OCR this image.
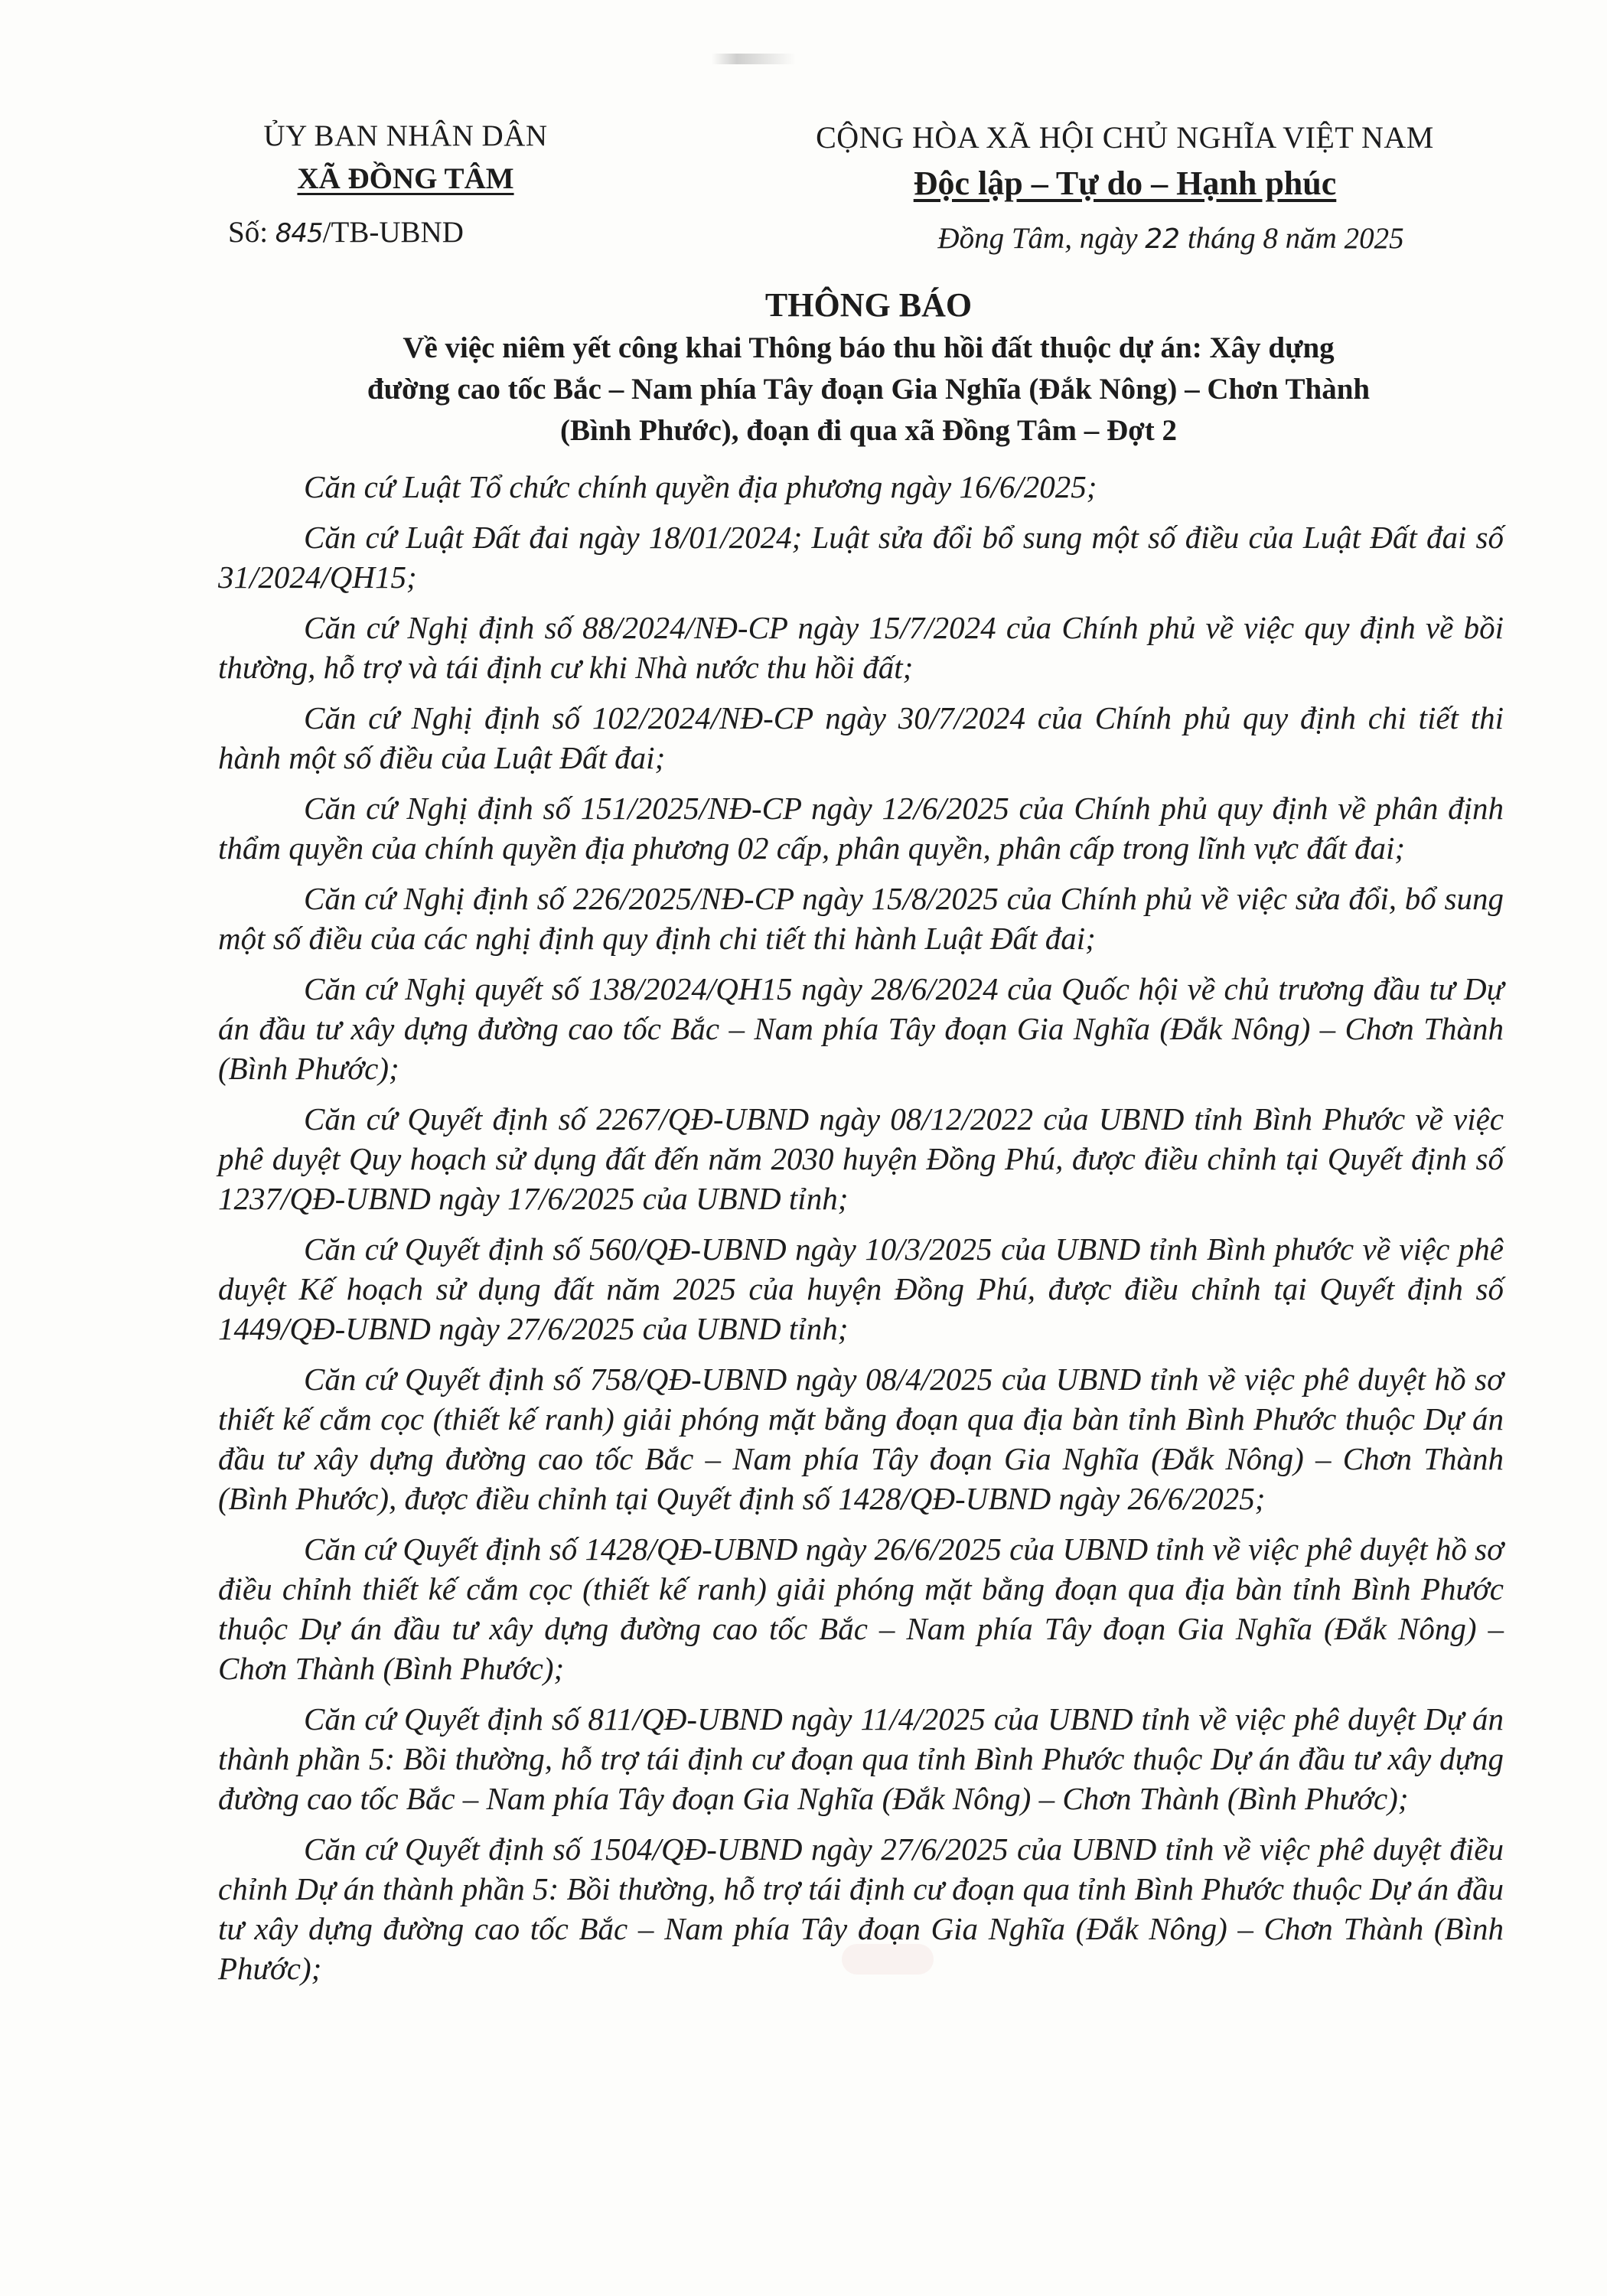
ỦY BAN NHÂN DÂN
XÃ ĐỒNG TÂM
Số: 845/TB-UBND
CỘNG HÒA XÃ HỘI CHỦ NGHĨA VIỆT NAM
Độc lập – Tự do – Hạnh phúc
Đồng Tâm, ngày 22 tháng 8 năm 2025
THÔNG BÁO
Về việc niêm yết công khai Thông báo thu hồi đất thuộc dự án: Xây dựng
đường cao tốc Bắc – Nam phía Tây đoạn Gia Nghĩa (Đắk Nông) – Chơn Thành
(Bình Phước), đoạn đi qua xã Đồng Tâm – Đợt 2

Căn cứ Luật Tổ chức chính quyền địa phương ngày 16/6/2025;

Căn cứ Luật Đất đai ngày 18/01/2024; Luật sửa đổi bổ sung một số điều của Luật Đất đai số 31/2024/QH15;

Căn cứ Nghị định số 88/2024/NĐ-CP ngày 15/7/2024 của Chính phủ về việc quy định về bồi thường, hỗ trợ và tái định cư khi Nhà nước thu hồi đất;

Căn cứ Nghị định số 102/2024/NĐ-CP ngày 30/7/2024 của Chính phủ quy định chi tiết thi hành một số điều của Luật Đất đai;

Căn cứ Nghị định số 151/2025/NĐ-CP ngày 12/6/2025 của Chính phủ quy định về phân định thẩm quyền của chính quyền địa phương 02 cấp, phân quyền, phân cấp trong lĩnh vực đất đai;

Căn cứ Nghị định số 226/2025/NĐ-CP ngày 15/8/2025 của Chính phủ về việc sửa đổi, bổ sung một số điều của các nghị định quy định chi tiết thi hành Luật Đất đai;

Căn cứ Nghị quyết số 138/2024/QH15 ngày 28/6/2024 của Quốc hội về chủ trương đầu tư Dự án đầu tư xây dựng đường cao tốc Bắc – Nam phía Tây đoạn Gia Nghĩa (Đắk Nông) – Chơn Thành (Bình Phước);

Căn cứ Quyết định số 2267/QĐ-UBND ngày 08/12/2022 của UBND tỉnh Bình Phước về việc phê duyệt Quy hoạch sử dụng đất đến năm 2030 huyện Đồng Phú, được điều chỉnh tại Quyết định số 1237/QĐ-UBND ngày 17/6/2025 của UBND tỉnh;

Căn cứ Quyết định số 560/QĐ-UBND ngày 10/3/2025 của UBND tỉnh Bình phước về việc phê duyệt Kế hoạch sử dụng đất năm 2025 của huyện Đồng Phú, được điều chỉnh tại Quyết định số 1449/QĐ-UBND ngày 27/6/2025 của UBND tỉnh;

Căn cứ Quyết định số 758/QĐ-UBND ngày 08/4/2025 của UBND tỉnh về việc phê duyệt hồ sơ thiết kế cắm cọc (thiết kế ranh) giải phóng mặt bằng đoạn qua địa bàn tỉnh Bình Phước thuộc Dự án đầu tư xây dựng đường cao tốc Bắc – Nam phía Tây đoạn Gia Nghĩa (Đắk Nông) – Chơn Thành (Bình Phước), được điều chỉnh tại Quyết định số 1428/QĐ-UBND ngày 26/6/2025;

Căn cứ Quyết định số 1428/QĐ-UBND ngày 26/6/2025 của UBND tỉnh về việc phê duyệt hồ sơ điều chỉnh thiết kế cắm cọc (thiết kế ranh) giải phóng mặt bằng đoạn qua địa bàn tỉnh Bình Phước thuộc Dự án đầu tư xây dựng đường cao tốc Bắc – Nam phía Tây đoạn Gia Nghĩa (Đắk Nông) – Chơn Thành (Bình Phước);

Căn cứ Quyết định số 811/QĐ-UBND ngày 11/4/2025 của UBND tỉnh về việc phê duyệt Dự án thành phần 5: Bồi thường, hỗ trợ tái định cư đoạn qua tỉnh Bình Phước thuộc Dự án đầu tư xây dựng đường cao tốc Bắc – Nam phía Tây đoạn Gia Nghĩa (Đắk Nông) – Chơn Thành (Bình Phước);

Căn cứ Quyết định số 1504/QĐ-UBND ngày 27/6/2025 của UBND tỉnh về việc phê duyệt điều chỉnh Dự án thành phần 5: Bồi thường, hỗ trợ tái định cư đoạn qua tỉnh Bình Phước thuộc Dự án đầu tư xây dựng đường cao tốc Bắc – Nam phía Tây đoạn Gia Nghĩa (Đắk Nông) – Chơn Thành (Bình Phước);
